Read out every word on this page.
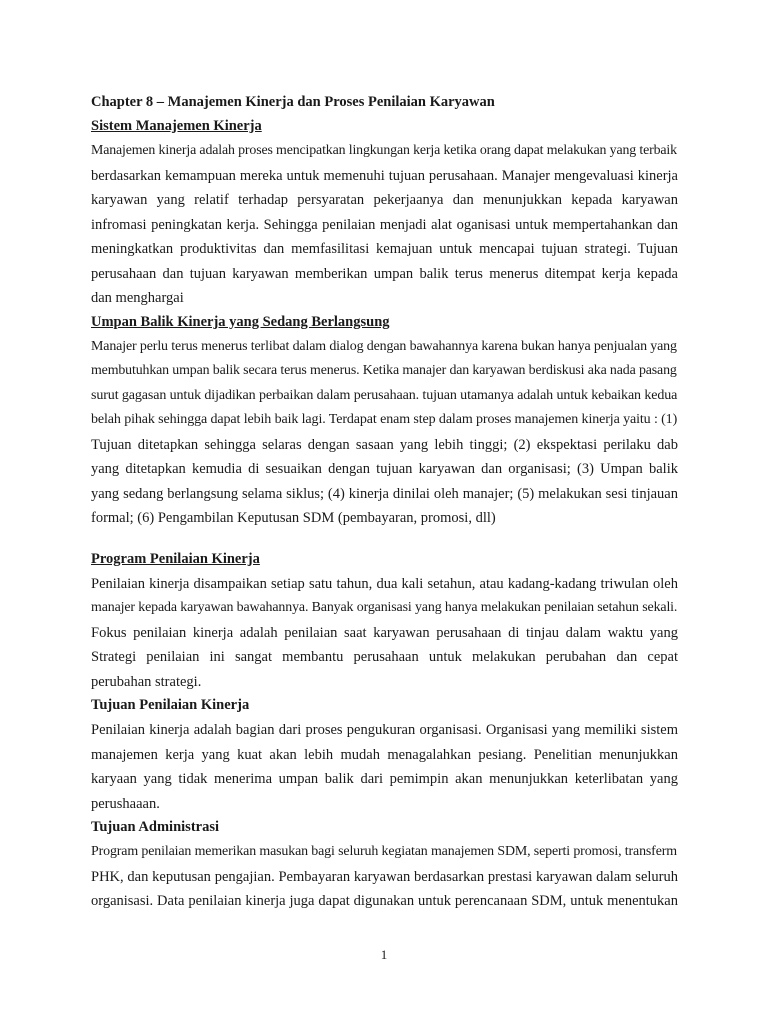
Chapter 8 – Manajemen Kinerja dan Proses Penilaian Karyawan
Sistem Manajemen Kinerja
Manajemen kinerja adalah proses mencipatkan lingkungan kerja ketika orang dapat melakukan yang terbaik
berdasarkan kemampuan mereka untuk memenuhi tujuan perusahaan. Manajer mengevaluasi kinerja
karyawan yang relatif terhadap persyaratan pekerjaanya dan menunjukkan kepada karyawan
infromasi peningkatan kerja. Sehingga penilaian menjadi alat oganisasi untuk mempertahankan dan
meningkatkan produktivitas dan memfasilitasi kemajuan untuk mencapai tujuan strategi. Tujuan
perusahaan dan tujuan karyawan memberikan umpan balik terus menerus ditempat kerja kepada
dan menghargai
Umpan Balik Kinerja yang Sedang Berlangsung
Manajer perlu terus menerus terlibat dalam dialog dengan bawahannya karena bukan hanya penjualan yang
membutuhkan umpan balik secara terus menerus. Ketika manajer dan karyawan berdiskusi aka nada pasang
surut gagasan untuk dijadikan perbaikan dalam perusahaan. tujuan utamanya adalah untuk kebaikan kedua
belah pihak sehingga dapat lebih baik lagi. Terdapat enam step dalam proses manajemen kinerja yaitu : (1)
Tujuan ditetapkan sehingga selaras dengan sasaan yang lebih tinggi; (2) ekspektasi perilaku dab
yang ditetapkan kemudia di sesuaikan dengan tujuan karyawan dan organisasi; (3) Umpan balik
yang sedang berlangsung selama siklus; (4) kinerja dinilai oleh manajer; (5) melakukan sesi tinjauan
formal; (6) Pengambilan Keputusan SDM (pembayaran, promosi, dll)
Program Penilaian Kinerja
Penilaian kinerja disampaikan setiap satu tahun, dua kali setahun, atau kadang-kadang triwulan oleh
manajer kepada karyawan bawahannya. Banyak organisasi yang hanya melakukan penilaian setahun sekali.
Fokus penilaian kinerja adalah penilaian saat karyawan perusahaan di tinjau dalam waktu yang
Strategi penilaian ini sangat membantu perusahaan untuk melakukan perubahan dan cepat
perubahan strategi.
Tujuan Penilaian Kinerja
Penilaian kinerja adalah bagian dari proses pengukuran organisasi. Organisasi yang memiliki sistem
manajemen kerja yang kuat akan lebih mudah menagalahkan pesiang. Penelitian menunjukkan
karyaan yang tidak menerima umpan balik dari pemimpin akan menunjukkan keterlibatan yang
perushaaan.
Tujuan Administrasi
Program penilaian memerikan masukan bagi seluruh kegiatan manajemen SDM, seperti promosi, transferm
PHK, dan keputusan pengajian. Pembayaran karyawan berdasarkan prestasi karyawan dalam seluruh
organisasi. Data penilaian kinerja juga dapat digunakan untuk perencanaan SDM, untuk menentukan
1
